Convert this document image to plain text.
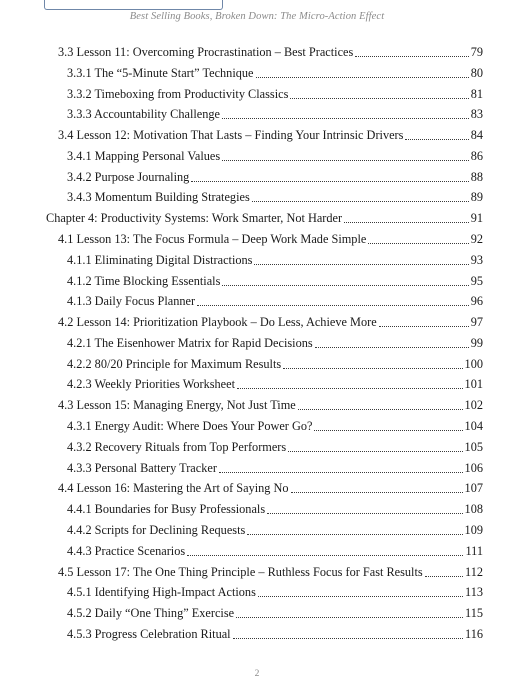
Best Selling Books, Broken Down: The Micro-Action Effect
3.3 Lesson 11: Overcoming Procrastination – Best Practices	79
3.3.1 The “5-Minute Start” Technique	80
3.3.2 Timeboxing from Productivity Classics	81
3.3.3 Accountability Challenge	83
3.4 Lesson 12: Motivation That Lasts – Finding Your Intrinsic Drivers	84
3.4.1 Mapping Personal Values	86
3.4.2 Purpose Journaling	88
3.4.3 Momentum Building Strategies	89
Chapter 4: Productivity Systems: Work Smarter, Not Harder	91
4.1 Lesson 13: The Focus Formula – Deep Work Made Simple	92
4.1.1 Eliminating Digital Distractions	93
4.1.2 Time Blocking Essentials	95
4.1.3 Daily Focus Planner	96
4.2 Lesson 14: Prioritization Playbook – Do Less, Achieve More	97
4.2.1 The Eisenhower Matrix for Rapid Decisions	99
4.2.2 80/20 Principle for Maximum Results	100
4.2.3 Weekly Priorities Worksheet	101
4.3 Lesson 15: Managing Energy, Not Just Time	102
4.3.1 Energy Audit: Where Does Your Power Go?	104
4.3.2 Recovery Rituals from Top Performers	105
4.3.3 Personal Battery Tracker	106
4.4 Lesson 16: Mastering the Art of Saying No	107
4.4.1 Boundaries for Busy Professionals	108
4.4.2 Scripts for Declining Requests	109
4.4.3 Practice Scenarios	111
4.5 Lesson 17: The One Thing Principle – Ruthless Focus for Fast Results	112
4.5.1 Identifying High-Impact Actions	113
4.5.2 Daily “One Thing” Exercise	115
4.5.3 Progress Celebration Ritual	116
2
